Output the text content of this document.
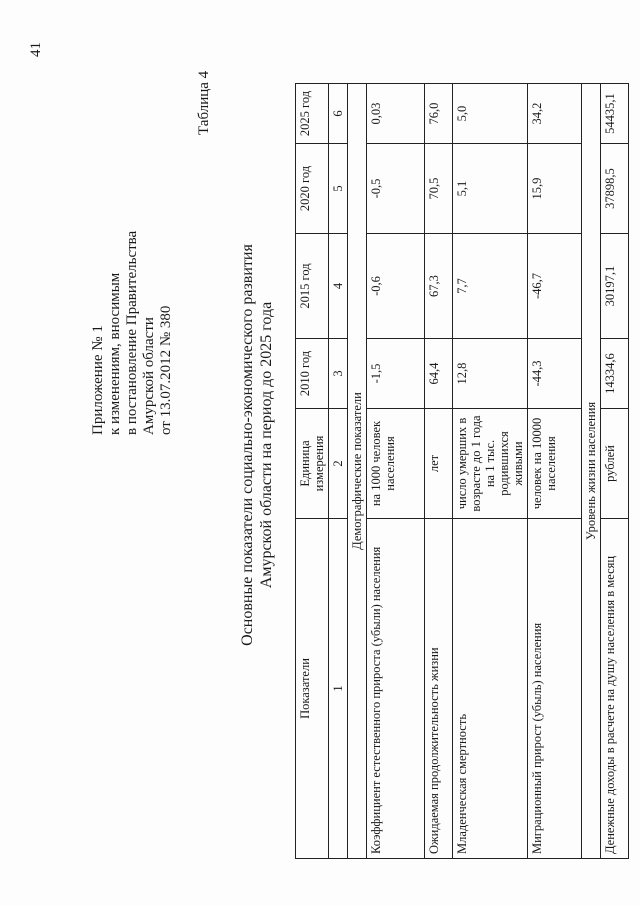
41
Приложение № 1 к изменениям, вносимым в постановление Правительства Амурской области от 13.07.2012 № 380
Таблица 4
Основные показатели социально-экономического развития Амурской области на период до 2025 года
Показатели	Единица измерения	2010 год	2015 год	2020 год	2025 год
1	2	3	4	5	6
Демографические показатели					
Коэффициент естественного прироста (убыли) населения	на 1000 человек населения	-1,5	-0,6	-0,5	0,03
Ожидаемая продолжительность жизни	лет	64,4	67,3	70,5	76,0
Младенческая смертность	число умерших в возрасте до 1 года на 1 тыс. родившихся живыми	12,8	7,7	5,1	5,0
Миграционный прирост (убыль) населения	человек на 10000 населения	-44,3	-46,7	15,9	34,2
Уровень жизни населения					
Денежные доходы в расчете на душу населения в месяц	рублей	14334,6	30197,1	37898,5	54435,1
